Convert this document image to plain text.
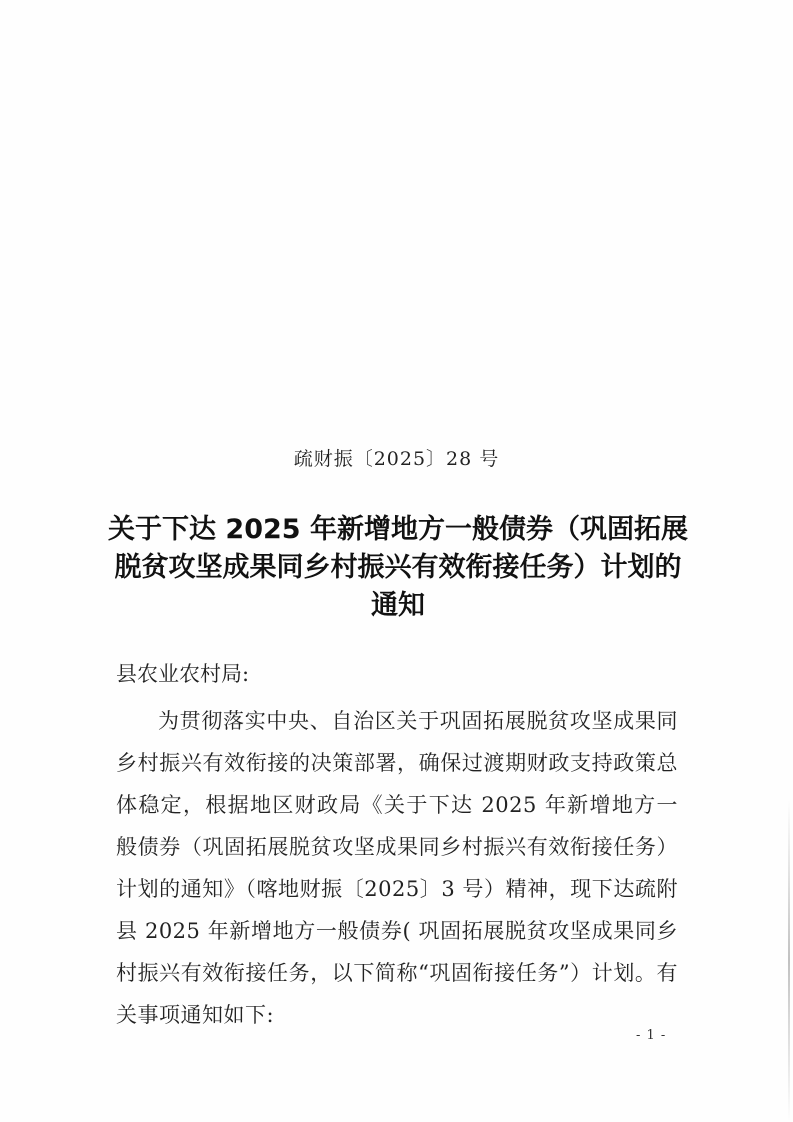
疏财振〔2025〕28 号
关于下达 2025 年新增地方一般债券（巩固拓展脱贫攻坚成果同乡村振兴有效衔接任务）计划的通知

县农业农村局:

为贯彻落实中央、自治区关于巩固拓展脱贫攻坚成果同乡村振兴有效衔接的决策部署，确保过渡期财政支持政策总体稳定，根据地区财政局《关于下达 2025 年新增地方一般债券（巩固拓展脱贫攻坚成果同乡村振兴有效衔接任务）计划的通知》（喀地财振〔2025〕3 号）精神，现下达疏附县 2025 年新增地方一般债券( 巩固拓展脱贫攻坚成果同乡村振兴有效衔接任务，以下简称“巩固衔接任务”）计划。有关事项通知如下:

- 1 -
